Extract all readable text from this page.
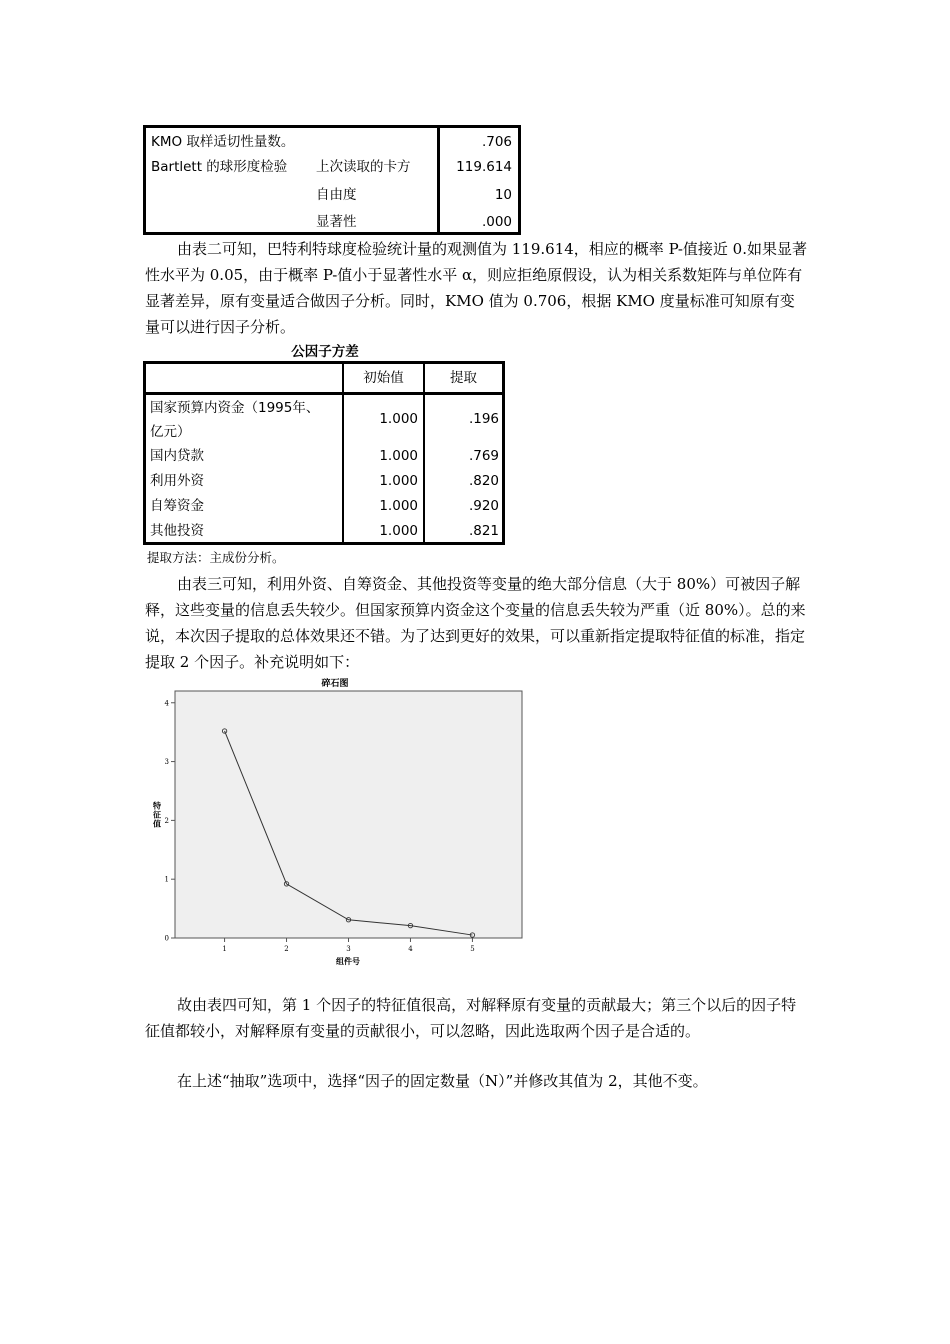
KMO 取样适切性量数。	.706
Bartlett 的球形度检验 上次读取的卡方	119.614
自由度	10
显著性	.000
由表二可知，巴特利特球度检验统计量的观测值为 119.614，相应的概率 P-值接近 0.如果显著性水平为 0.05，由于概率 P-值小于显著性水平 α，则应拒绝原假设，认为相关系数矩阵与单位阵有显著差异，原有变量适合做因子分析。同时，KMO 值为 0.706，根据 KMO 度量标准可知原有变量可以进行因子分析。
公因子方差
初始值	提取
国家预算内资金（1995年、
亿元）
1.000	.196
国内贷款	1.000	.769
利用外资	1.000	.820
自筹资金	1.000	.920
其他投资	1.000	.821
提取方法：主成份分析。
由表三可知，利用外资、自筹资金、其他投资等变量的绝大部分信息（大于 80%）可被因子解释，这些变量的信息丢失较少。但国家预算内资金这个变量的信息丢失较为严重（近 80%）。总的来说，本次因子提取的总体效果还不错。为了达到更好的效果，可以重新指定提取特征值的标准，指定提取 2 个因子。补充说明如下：
碎石图
0
1
2
3
4
1	2	3	4	5
特
征
值
组件号
故由表四可知，第 1 个因子的特征值很高，对解释原有变量的贡献最大；第三个以后的因子特征值都较小，对解释原有变量的贡献很小，可以忽略，因此选取两个因子是合适的。
在上述“抽取”选项中，选择“因子的固定数量（N）”并修改其值为 2，其他不变。
